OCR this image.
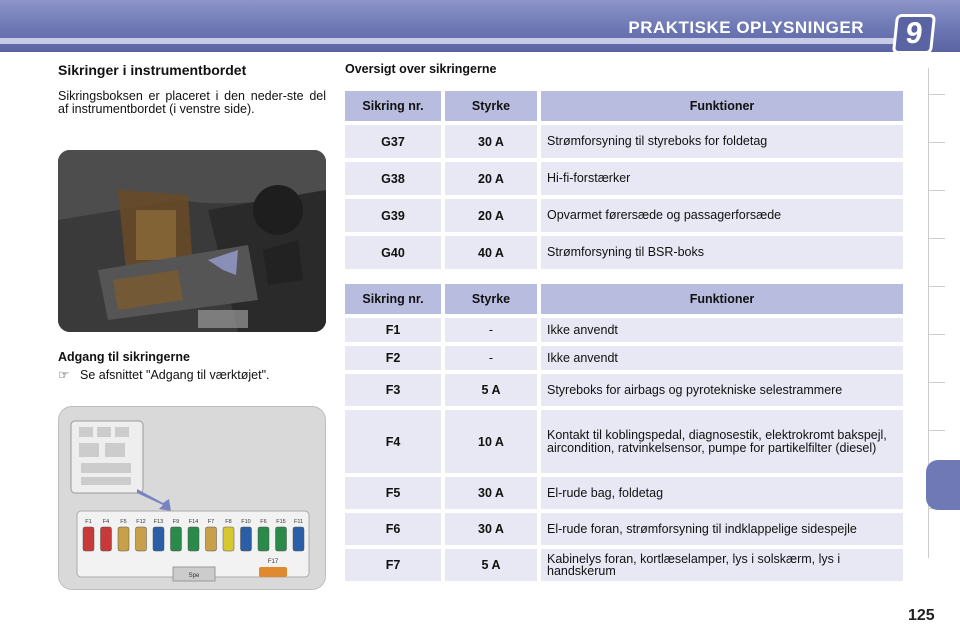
PRAKTISKE OPLYSNINGER	9
Sikringer i instrumentbordet
Sikringsboksen er placeret i den neder-ste del af instrumentbordet (i venstre side).
Adgang til sikringerne
☞ Se afsnittet "Adgang til værktøjet".
F1 F4 F5 F12 F13 F9 F14 F7 F8 F10 F6 F15 F11
Spe
F17
Oversigt over sikringerne
Sikring nr.	Styrke	Funktioner
G37	30 A	Strømforsyning til styreboks for foldetag
G38	20 A	Hi-fi-forstærker
G39	20 A	Opvarmet førersæde og passagerforsæde
G40	40 A	Strømforsyning til BSR-boks
Sikring nr.	Styrke	Funktioner
F1	-	Ikke anvendt
F2	-	Ikke anvendt
F3	5 A	Styreboks for airbags og pyrotekniske selestrammere
F4	10 A	Kontakt til koblingspedal, diagnosestik, elektrokromt bakspejl, aircondition, ratvinkelsensor, pumpe for partikelfilter (diesel)
F5	30 A	El-rude bag, foldetag
F6	30 A	El-rude foran, strømforsyning til indklappelige sidespejle
F7	5 A	Kabinelys foran, kortlæselamper, lys i solskærm, lys i handskerum
125
